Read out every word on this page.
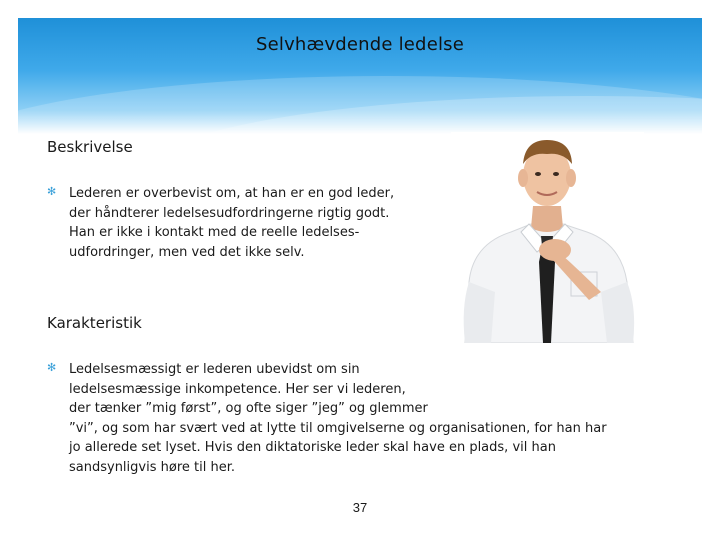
Selvhævdende ledelse
Beskrivelse
✻ Lederen er overbevist om, at han er en god leder,
der håndterer ledelsesudfordringerne rigtig godt.
Han er ikke i kontakt med de reelle ledelses-
udfordringer, men ved det ikke selv.
Karakteristik
✻ Ledelsesmæssigt er lederen ubevidst om sin
ledelsesmæssige inkompetence. Her ser vi lederen,
der tænker ”mig først”, og ofte siger ”jeg” og glemmer
”vi”, og som har svært ved at lytte til omgivelserne og organisationen, for han har
jo allerede set lyset. Hvis den diktatoriske leder skal have en plads, vil han
sandsynligvis høre til her.
37
